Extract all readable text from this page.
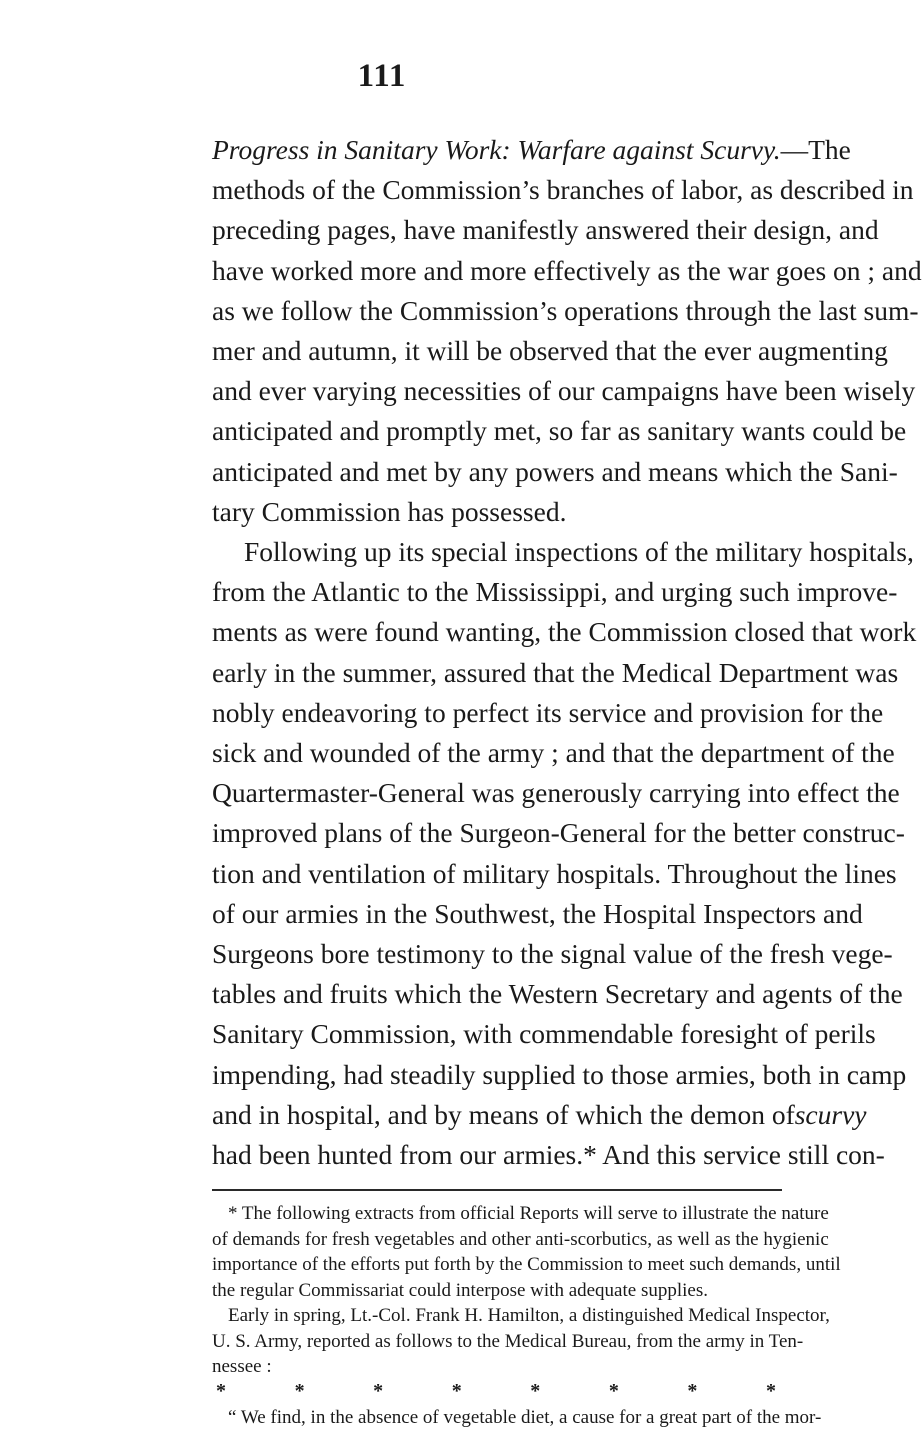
111
Progress in Sanitary Work: Warfare against Scurvy.—The
methods of the Commission’s branches of labor, as described in
preceding pages, have manifestly answered their design, and
have worked more and more effectively as the war goes on ; and
as we follow the Commission’s operations through the last sum-
mer and autumn, it will be observed that the ever augmenting
and ever varying necessities of our campaigns have been wisely
anticipated and promptly met, so far as sanitary wants could be
anticipated and met by any powers and means which the Sani-
tary Commission has possessed.
Following up its special inspections of the military hospitals,
from the Atlantic to the Mississippi, and urging such improve-
ments as were found wanting, the Commission closed that work
early in the summer, assured that the Medical Department was
nobly endeavoring to perfect its service and provision for the
sick and wounded of the army ; and that the department of the
Quartermaster-General was generously carrying into effect the
improved plans of the Surgeon-General for the better construc-
tion and ventilation of military hospitals. Throughout the lines
of our armies in the Southwest, the Hospital Inspectors and
Surgeons bore testimony to the signal value of the fresh vege-
tables and fruits which the Western Secretary and agents of the
Sanitary Commission, with commendable foresight of perils
impending, had steadily supplied to those armies, both in camp
and in hospital, and by means of which the demon of scurvy
had been hunted from our armies.* And this service still con-
* The following extracts from official Reports will serve to illustrate the nature
of demands for fresh vegetables and other anti-scorbutics, as well as the hygienic
importance of the efforts put forth by the Commission to meet such demands, until
the regular Commissariat could interpose with adequate supplies.
Early in spring, Lt.-Col. Frank H. Hamilton, a distinguished Medical Inspector,
U. S. Army, reported as follows to the Medical Bureau, from the army in Ten-
nessee :
*	*	*	*	*	*	*	*
“ We find, in the absence of vegetable diet, a cause for a great part of the mor-
